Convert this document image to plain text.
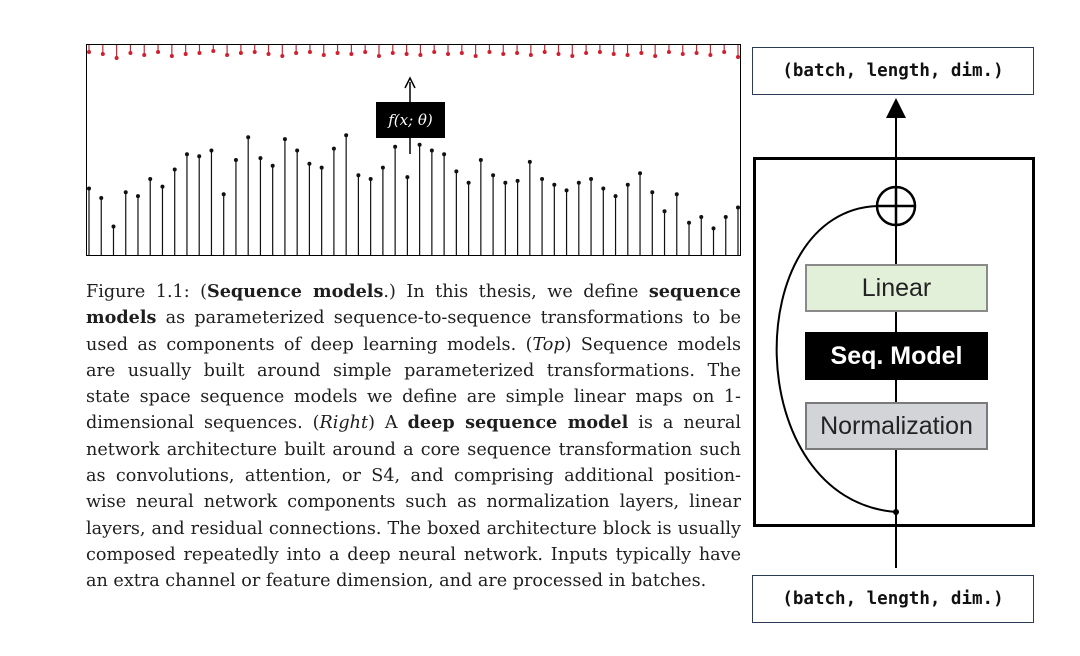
f(x; θ)
Figure 1.1: (Sequence models.) In this thesis, we define sequence models as parameterized sequence-to-sequence transformations to be used as components of deep learning models. (Top) Sequence models are usually built around simple parameterized transformations. The state space sequence models we define are simple linear maps on 1-dimensional sequences. (Right) A deep sequence model is a neural network architecture built around a core sequence transformation such as convolutions, attention, or S4, and comprising additional position-wise neural network components such as normalization layers, linear layers, and residual connections. The boxed architecture block is usually composed repeatedly into a deep neural network. Inputs typically have an extra channel or feature dimension, and are processed in batches.
(batch, length, dim.)
Linear
Seq. Model
Normalization
(batch, length, dim.)
